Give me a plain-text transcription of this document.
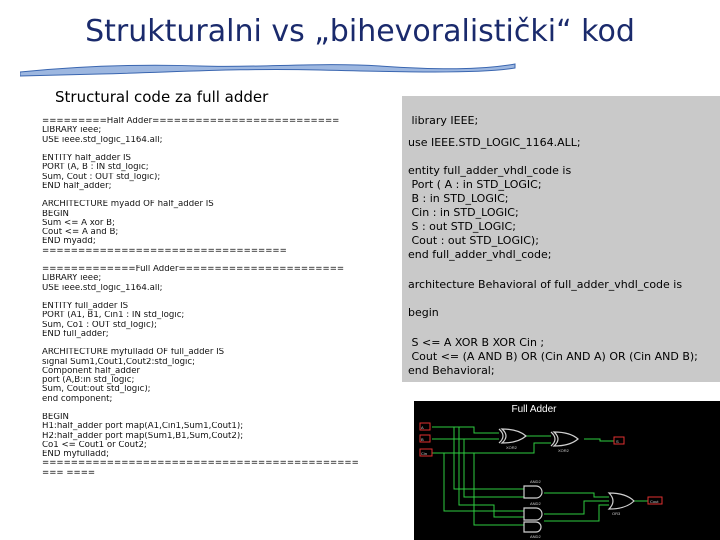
Strukturalni vs „bihevoralistički“ kod
Structural code za full adder
=========Half Adder==========================
LIBRARY ieee;
USE ieee.std_logic_1164.all;
ENTITY half_adder IS
PORT (A, B : IN std_logic;
Sum, Cout : OUT std_logic);
END half_adder;
ARCHITECTURE myadd OF half_adder IS
BEGIN
Sum <= A xor B;
Cout <= A and B;
END myadd;
==================================
=============Full Adder=======================
LIBRARY ieee;
USE ieee.std_logic_1164.all;
ENTITY full_adder IS
PORT (A1, B1, Cin1 : IN std_logic;
Sum, Co1 : OUT std_logic);
END full_adder;
ARCHITECTURE myfulladd OF full_adder IS
signal Sum1,Cout1,Cout2:std_logic;
Component half_adder
port (A,B:in std_logic;
Sum, Cout:out std_logic);
end component;
BEGIN
H1:half_adder port map(A1,Cin1,Sum1,Cout1);
H2:half_adder port map(Sum1,B1,Sum,Cout2);
Co1 <= Cout1 or Cout2;
END myfulladd;
============================================
=== ====
library IEEE;
use IEEE.STD_LOGIC_1164.ALL;
entity full_adder_vhdl_code is
Port ( A : in STD_LOGIC;
B : in STD_LOGIC;
Cin : in STD_LOGIC;
S : out STD_LOGIC;
Cout : out STD_LOGIC);
end full_adder_vhdl_code;
architecture Behavioral of full_adder_vhdl_code is
begin
S <= A XOR B XOR Cin ;
Cout <= (A AND B) OR (Cin AND A) OR (Cin AND B);
end Behavioral;
Full Adder
A
B
Cin
S
Cout
XOR2
XOR2
AND2
AND2
AND2
OR3
